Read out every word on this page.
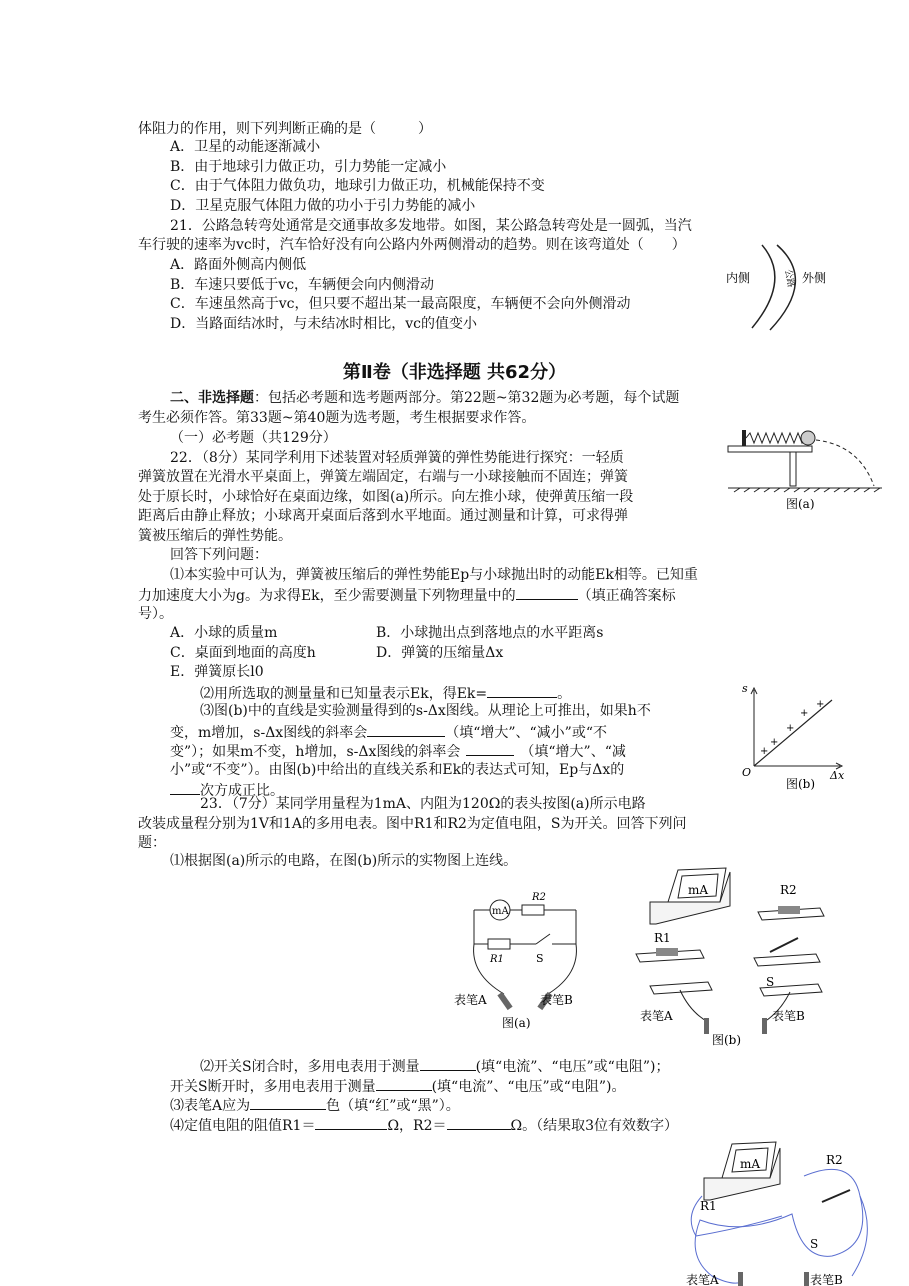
体阻力的作用，则下列判断正确的是（　　　）
A．卫星的动能逐渐减小
B．由于地球引力做正功，引力势能一定减小
C．由于气体阻力做负功，地球引力做正功，机械能保持不变
D．卫星克服气体阻力做的功小于引力势能的减小
21．公路急转弯处通常是交通事故多发地带。如图，某公路急转弯处是一圆弧，当汽
车行驶的速率为vc时，汽车恰好没有向公路内外两侧滑动的趋势。则在该弯道处（　　）
A．路面外侧高内侧低
B．车速只要低于vc，车辆便会向内侧滑动
C．车速虽然高于vc，但只要不超出某一最高限度，车辆便不会向外侧滑动
D．当路面结冰时，与未结冰时相比，vc的值变小
内侧	外侧
公路
第Ⅱ卷（非选择题 共62分）
二、非选择题：包括必考题和选考题两部分。第22题~第32题为必考题，每个试题
考生必须作答。第33题~第40题为选考题，考生根据要求作答。
（一）必考题（共129分）
22．（8分）某同学利用下述装置对轻质弹簧的弹性势能进行探究：一轻质
弹簧放置在光滑水平桌面上，弹簧左端固定，右端与一小球接触而不固连；弹簧
处于原长时，小球恰好在桌面边缘，如图(a)所示。向左推小球，使弹黄压缩一段
距离后由静止释放；小球离开桌面后落到水平地面。通过测量和计算，可求得弹
簧被压缩后的弹性势能。
回答下列问题：
图(a)
⑴本实验中可认为，弹簧被压缩后的弹性势能Ep与小球抛出时的动能Ek相等。已知重
力加速度大小为g。为求得Ek，至少需要测量下列物理量中的	（填正确答案标
号）。
A．小球的质量m	B．小球抛出点到落地点的水平距离s
C．桌面到地面的高度h	D．弹簧的压缩量Δx
E．弹簧原长l0
⑵用所选取的测量量和已知量表示Ek，得Ek=	。
⑶图(b)中的直线是实验测量得到的s-Δx图线。从理论上可推出，如果h不
变，m增加，s-Δx图线的斜率会	（填“增大”、“减小”或“不
变”）；如果m不变，h增加，s-Δx图线的斜率会	（填“增大”、“减
小”或“不变”）。由图(b)中给出的直线关系和Ek的表达式可知，Ep与Δx的
次方成正比。
+
+
+
+
+
s
Δx
O
图(b)
23．（7分）某同学用量程为1mA、内阻为120Ω的表头按图(a)所示电路
改装成量程分别为1V和1A的多用电表。图中R1和R2为定值电阻，S为开关。回答下列问
题：
⑴根据图(a)所示的电路，在图(b)所示的实物图上连线。
mA
R2
R1	S
表笔A	表笔B
图(a)
mA	R2
R1
S
表笔A	表笔B
图(b)
⑵开关S闭合时，多用电表用于测量	(填“电流”、“电压”或“电阻”)；
开关S断开时，多用电表用于测量	(填“电流”、“电压”或“电阻”)。
⑶表笔A应为	色（填“红”或“黑”）。
⑷定值电阻的阻值R1＝	Ω，R2＝	Ω。（结果取3位有效数字）
mA	R2
R1
S
表笔A	表笔B
